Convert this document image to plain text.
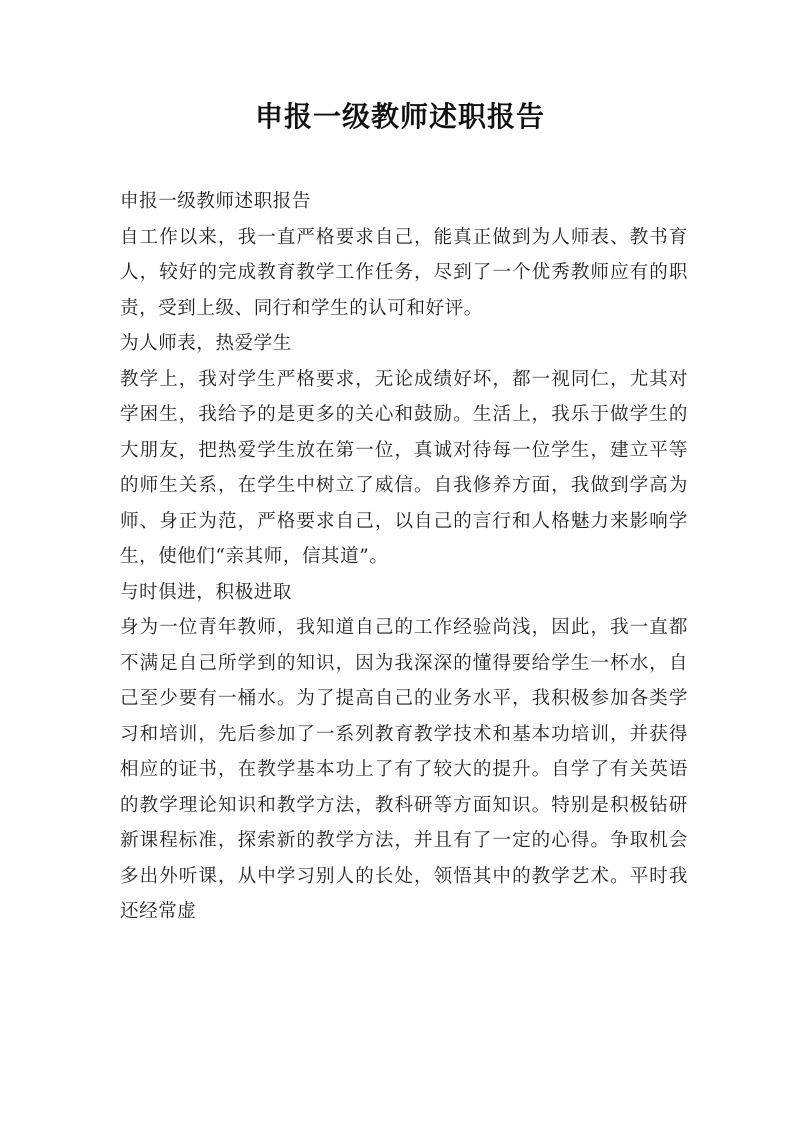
申报一级教师述职报告

申报一级教师述职报告

自工作以来，我一直严格要求自己，能真正做到为人师表、教书育人，较好的完成教育教学工作任务，尽到了一个优秀教师应有的职责，受到上级、同行和学生的认可和好评。

为人师表，热爱学生

教学上，我对学生严格要求，无论成绩好坏，都一视同仁，尤其对学困生，我给予的是更多的关心和鼓励。生活上，我乐于做学生的大朋友，把热爱学生放在第一位，真诚对待每一位学生，建立平等的师生关系，在学生中树立了威信。自我修养方面，我做到学高为师、身正为范，严格要求自己，以自己的言行和人格魅力来影响学生，使他们“亲其师，信其道”。

与时俱进，积极进取

身为一位青年教师，我知道自己的工作经验尚浅，因此，我一直都不满足自己所学到的知识，因为我深深的懂得要给学生一杯水，自己至少要有一桶水。为了提高自己的业务水平，我积极参加各类学习和培训，先后参加了一系列教育教学技术和基本功培训，并获得相应的证书，在教学基本功上了有了较大的提升。自学了有关英语的教学理论知识和教学方法，教科研等方面知识。特别是积极钻研新课程标准，探索新的教学方法，并且有了一定的心得。争取机会多出外听课，从中学习别人的长处，领悟其中的教学艺术。平时我还经常虚
